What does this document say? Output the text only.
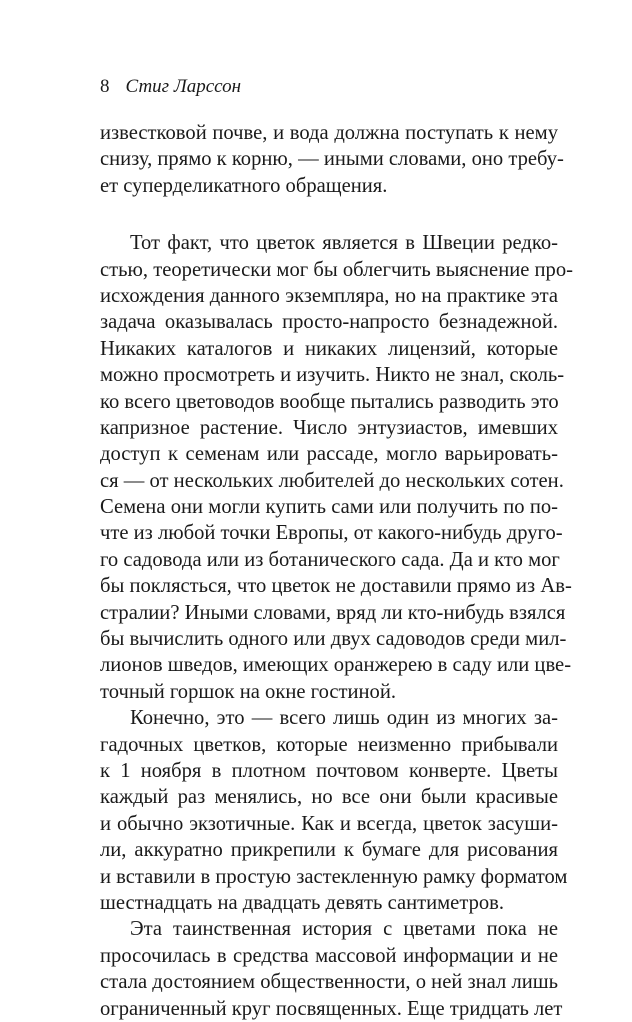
8 Стиг Ларссон
известковой почве, и вода должна поступать к нему
снизу, прямо к корню, — иными словами, оно требу-
ет суперделикатного обращения.
Тот факт, что цветок является в Швеции редко-
стью, теоретически мог бы облегчить выяснение про-
исхождения данного экземпляра, но на практике эта
задача оказывалась просто-напросто безнадежной.
Никаких каталогов и никаких лицензий, которые
можно просмотреть и изучить. Никто не знал, сколь-
ко всего цветоводов вообще пытались разводить это
капризное растение. Число энтузиастов, имевших
доступ к семенам или рассаде, могло варьировать-
ся — от нескольких любителей до нескольких сотен.
Семена они могли купить сами или получить по по-
чте из любой точки Европы, от какого-нибудь друго-
го садовода или из ботанического сада. Да и кто мог
бы поклясться, что цветок не доставили прямо из Ав-
стралии? Иными словами, вряд ли кто-нибудь взялся
бы вычислить одного или двух садоводов среди мил-
лионов шведов, имеющих оранжерею в саду или цве-
точный горшок на окне гостиной.
Конечно, это — всего лишь один из многих за-
гадочных цветков, которые неизменно прибывали
к 1 ноября в плотном почтовом конверте. Цветы
каждый раз менялись, но все они были красивые
и обычно экзотичные. Как и всегда, цветок засуши-
ли, аккуратно прикрепили к бумаге для рисования
и вставили в простую застекленную рамку форматом
шестнадцать на двадцать девять сантиметров.
Эта таинственная история с цветами пока не
просочилась в средства массовой информации и не
стала достоянием общественности, о ней знал лишь
ограниченный круг посвященных. Еще тридцать лет
